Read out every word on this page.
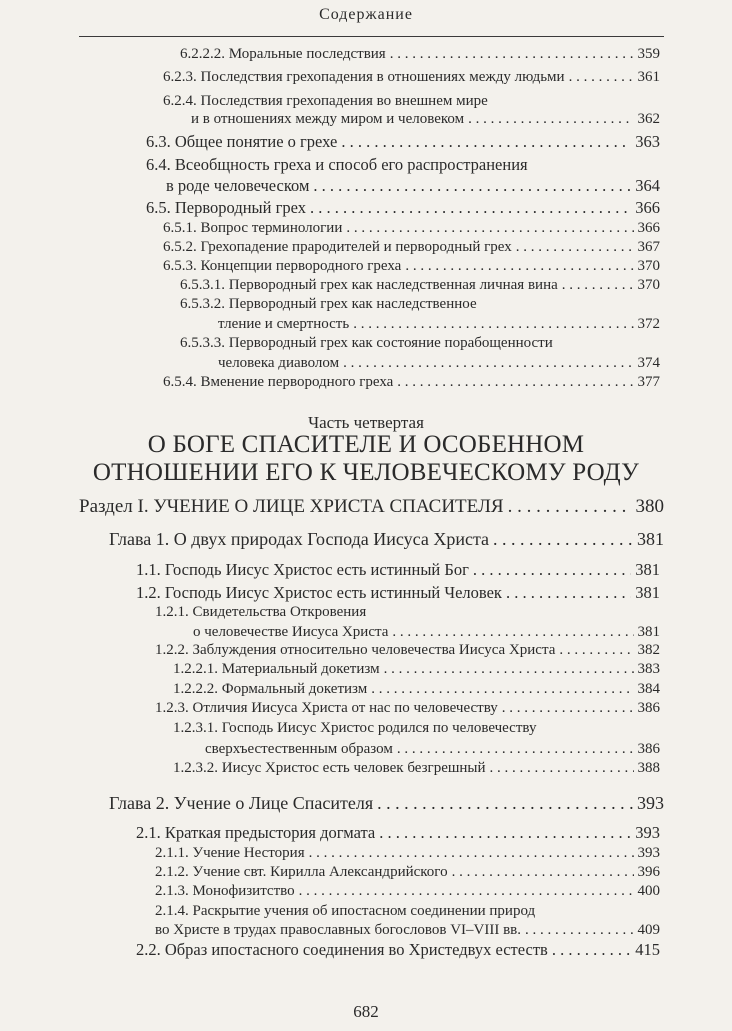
Содержание
6.2.2.2. Моральные последствия . . .	359
6.2.3. Последствия грехопадения в отношениях между людьми . . .	361
6.2.4. Последствия грехопадения во внешнем мире
и в отношениях между миром и человеком . . .	362
6.3. Общее понятие о грехе . . .	363
6.4. Всеобщность греха и способ его распространения
в роде человеческом . . .	364
6.5. Первородный грех . . .	366
6.5.1. Вопрос терминологии . . .	366
6.5.2. Грехопадение прародителей и первородный грех . . .	367
6.5.3. Концепции первородного греха . . .	370
6.5.3.1. Первородный грех как наследственная личная вина . . .	370
6.5.3.2. Первородный грех как наследственное
тление и смертность . . .	372
6.5.3.3. Первородный грех как состояние порабощенности
человека диаволом . . .	374
6.5.4. Вменение первородного греха . . .	377
Часть четвертая
О БОГЕ СПАСИТЕЛЕ И ОСОБЕННОМ
ОТНОШЕНИИ ЕГО К ЧЕЛОВЕЧЕСКОМУ РОДУ
Раздел I. УЧЕНИЕ О ЛИЦЕ ХРИСТА СПАСИТЕЛЯ . . .	380
Глава 1. О двух природах Господа Иисуса Христа . . .	381
1.1. Господь Иисус Христос есть истинный Бог . . .	381
1.2. Господь Иисус Христос есть истинный Человек . . .	381
1.2.1. Свидетельства Откровения
о человечестве Иисуса Христа . . .	381
1.2.2. Заблуждения относительно человечества Иисуса Христа . . .	382
1.2.2.1. Материальный докетизм . . .	383
1.2.2.2. Формальный докетизм . . .	384
1.2.3. Отличия Иисуса Христа от нас по человечеству . . .	386
1.2.3.1. Господь Иисус Христос родился по человечеству
сверхъестественным образом . . .	386
1.2.3.2. Иисус Христос есть человек безгрешный . . .	388
Глава 2. Учение о Лице Спасителя . . .	393
2.1. Краткая предыстория догмата . . .	393
2.1.1. Учение Нестория . . .	393
2.1.2. Учение свт. Кирилла Александрийского . . .	396
2.1.3. Монофизитство . . .	400
2.1.4. Раскрытие учения об ипостасном соединении природ
во Христе в трудах православных богословов VI–VIII вв. . . .	409
2.2. Образ ипостасного соединения во Христедвух естеств . . .	415
682
